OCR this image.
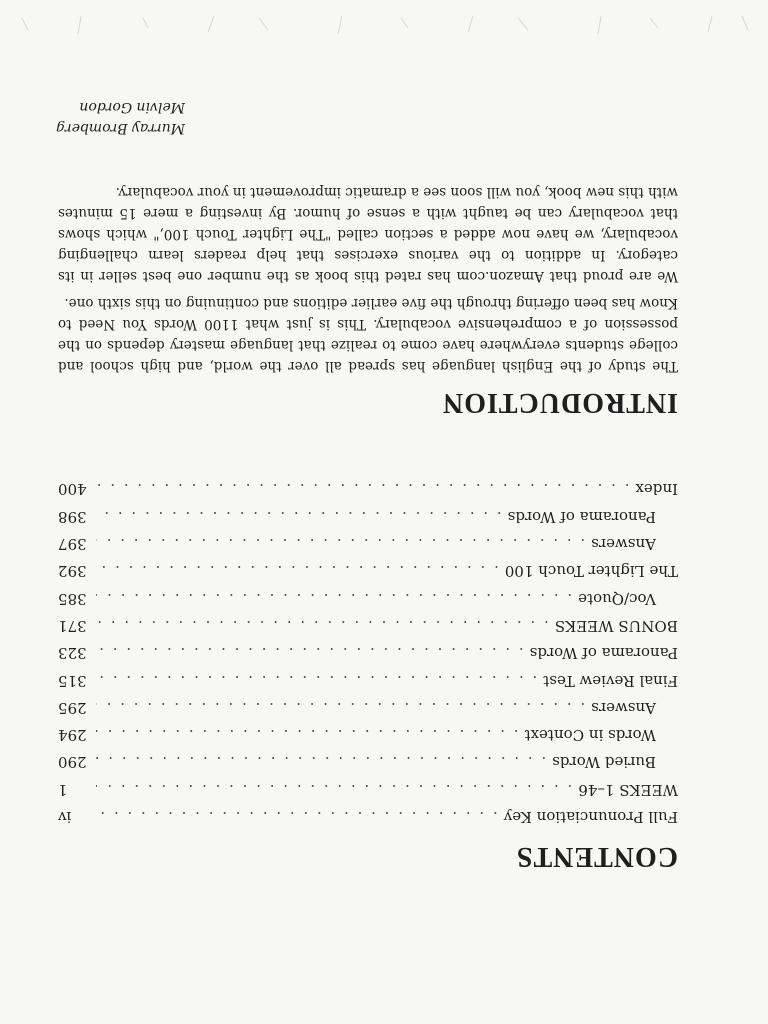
CONTENTS
Full Pronunciation Key
. . .
iv
WEEKS 1–46
. . .
1
Buried Words
. . .
290
Words in Context
. . .
294
Answers
. . .
295
Final Review Test
. . .
315
Panorama of Words
. . .
323
BONUS WEEKS
. . .
371
Voc/Quote
. . .
385
The Lighter Touch 100
. . .
392
Answers
. . .
397
Panorama of Words
. . .
398
Index
. . .
400
INTRODUCTION

The study of the English language has spread all over the world, and high school and college students everywhere have come to realize that language mastery depends on the possession of a comprehensive vocabulary. This is just what 1100 Words You Need to Know has been offering through the five earlier editions and continuing on this sixth one.

We are proud that Amazon.com has rated this book as the number one best seller in its category. In addition to the various exercises that help readers learn challenging vocabulary, we have now added a section called "The Lighter Touch 100," which shows that vocabulary can be taught with a sense of humor. By investing a mere 15 minutes with this new book, you will soon see a dramatic improvement in your vocabulary.

Murray Bromberg
Melvin Gordon
